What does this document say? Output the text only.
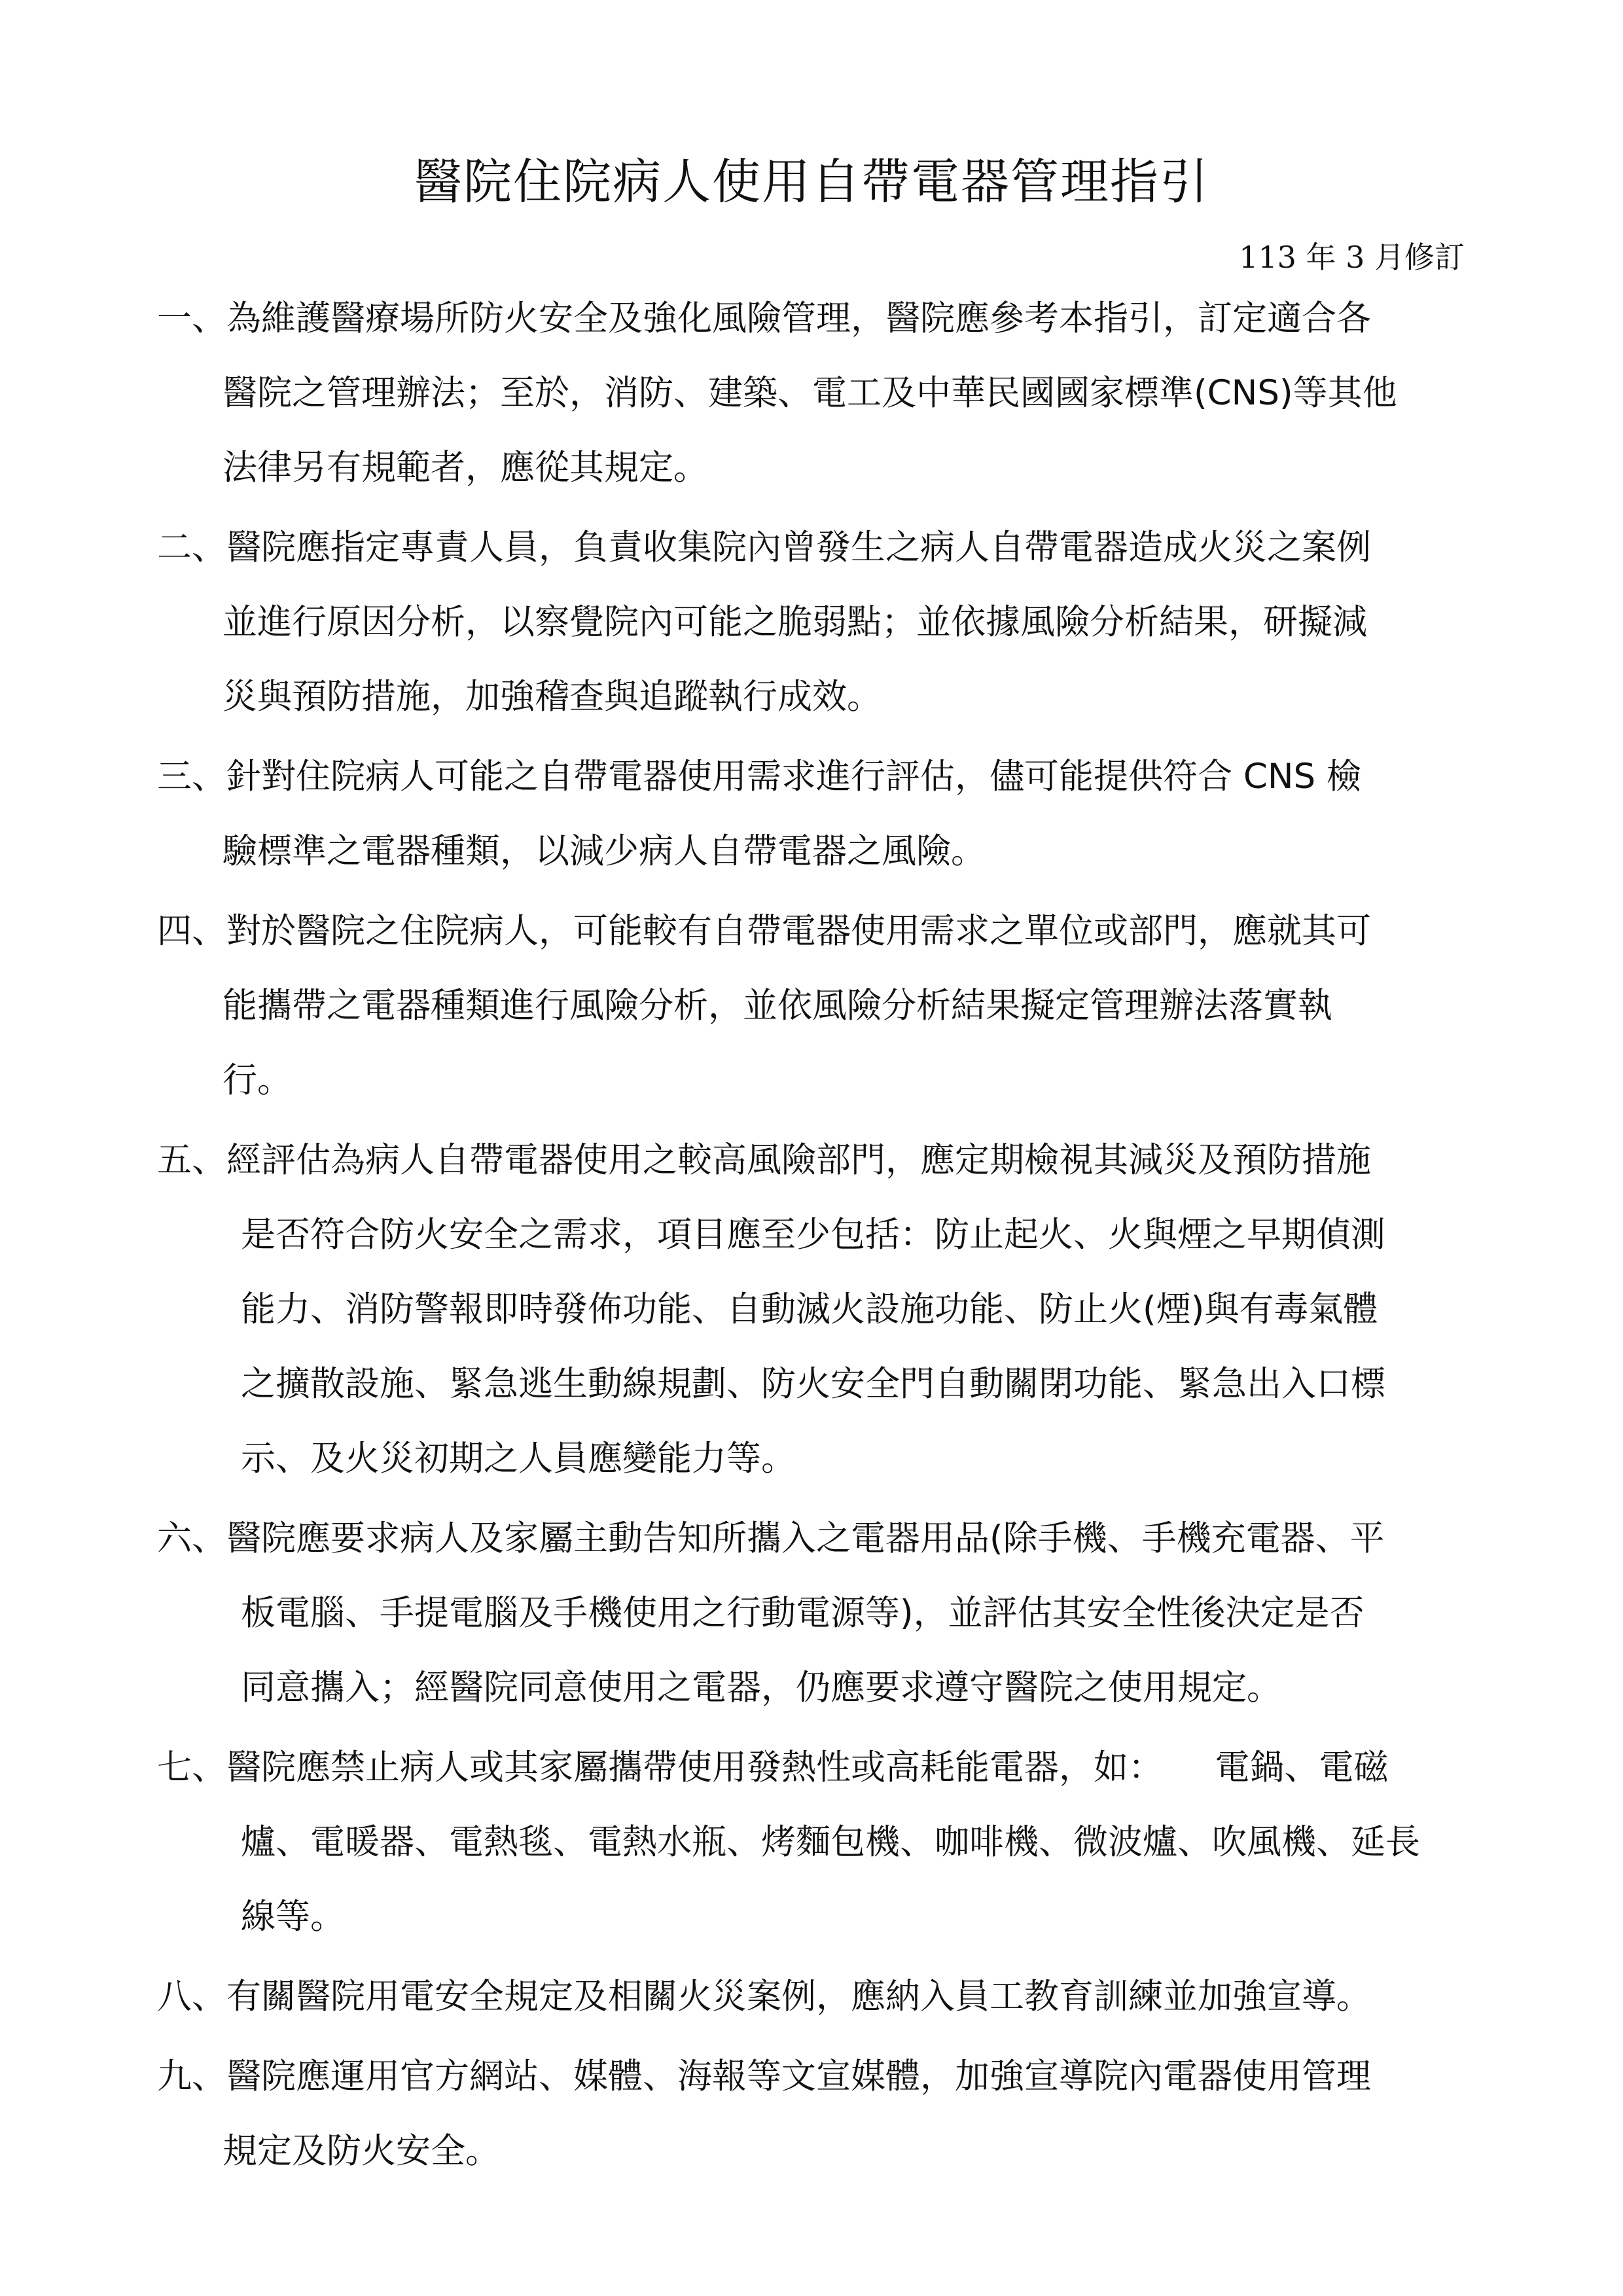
醫院住院病人使用自帶電器管理指引
113 年 3 月修訂
一、為維護醫療場所防火安全及強化風險管理，醫院應參考本指引，訂定適合各
醫院之管理辦法；至於，消防、建築、電工及中華民國國家標準(CNS)等其他
法律另有規範者，應從其規定。
二、醫院應指定專責人員，負責收集院內曾發生之病人自帶電器造成火災之案例
並進行原因分析，以察覺院內可能之脆弱點；並依據風險分析結果，研擬減
災與預防措施，加強稽查與追蹤執行成效。
三、針對住院病人可能之自帶電器使用需求進行評估，儘可能提供符合 CNS 檢
驗標準之電器種類，以減少病人自帶電器之風險。
四、對於醫院之住院病人，可能較有自帶電器使用需求之單位或部門，應就其可
能攜帶之電器種類進行風險分析，並依風險分析結果擬定管理辦法落實執
行。
五、經評估為病人自帶電器使用之較高風險部門，應定期檢視其減災及預防措施
是否符合防火安全之需求，項目應至少包括：防止起火、火與煙之早期偵測
能力、消防警報即時發佈功能、自動滅火設施功能、防止火(煙)與有毒氣體
之擴散設施、緊急逃生動線規劃、防火安全門自動關閉功能、緊急出入口標
示、及火災初期之人員應變能力等。
六、醫院應要求病人及家屬主動告知所攜入之電器用品(除手機、手機充電器、平
板電腦、手提電腦及手機使用之行動電源等)，並評估其安全性後決定是否
同意攜入；經醫院同意使用之電器，仍應要求遵守醫院之使用規定。
七、醫院應禁止病人或其家屬攜帶使用發熱性或高耗能電器，如：　　電鍋、電磁
爐、電暖器、電熱毯、電熱水瓶、烤麵包機、咖啡機、微波爐、吹風機、延長
線等。
八、有關醫院用電安全規定及相關火災案例，應納入員工教育訓練並加強宣導。
九、醫院應運用官方網站、媒體、海報等文宣媒體，加強宣導院內電器使用管理
規定及防火安全。
